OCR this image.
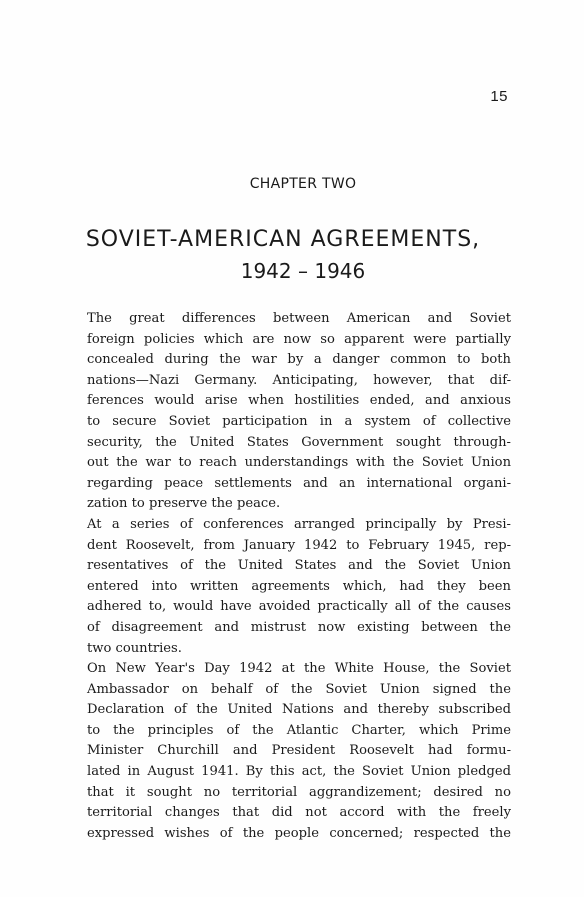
15
CHAPTER TWO
SOVIET-AMERICAN AGREEMENTS,
1942 – 1946

The great differences between American and Soviet
foreign policies which are now so apparent were partially
concealed during the war by a danger common to both
nations—Nazi Germany. Anticipating, however, that dif-
ferences would arise when hostilities ended, and anxious
to secure Soviet participation in a system of collective
security, the United States Government sought through-
out the war to reach understandings with the Soviet Union
regarding peace settlements and an international organi-
zation to preserve the peace.

At a series of conferences arranged principally by Presi-
dent Roosevelt, from January 1942 to February 1945, rep-
resentatives of the United States and the Soviet Union
entered into written agreements which, had they been
adhered to, would have avoided practically all of the causes
of disagreement and mistrust now existing between the
two countries.

On New Year's Day 1942 at the White House, the Soviet
Ambassador on behalf of the Soviet Union signed the
Declaration of the United Nations and thereby subscribed
to the principles of the Atlantic Charter, which Prime
Minister Churchill and President Roosevelt had formu-
lated in August 1941. By this act, the Soviet Union pledged
that it sought no territorial aggrandizement; desired no
territorial changes that did not accord with the freely
expressed wishes of the people concerned; respected the
